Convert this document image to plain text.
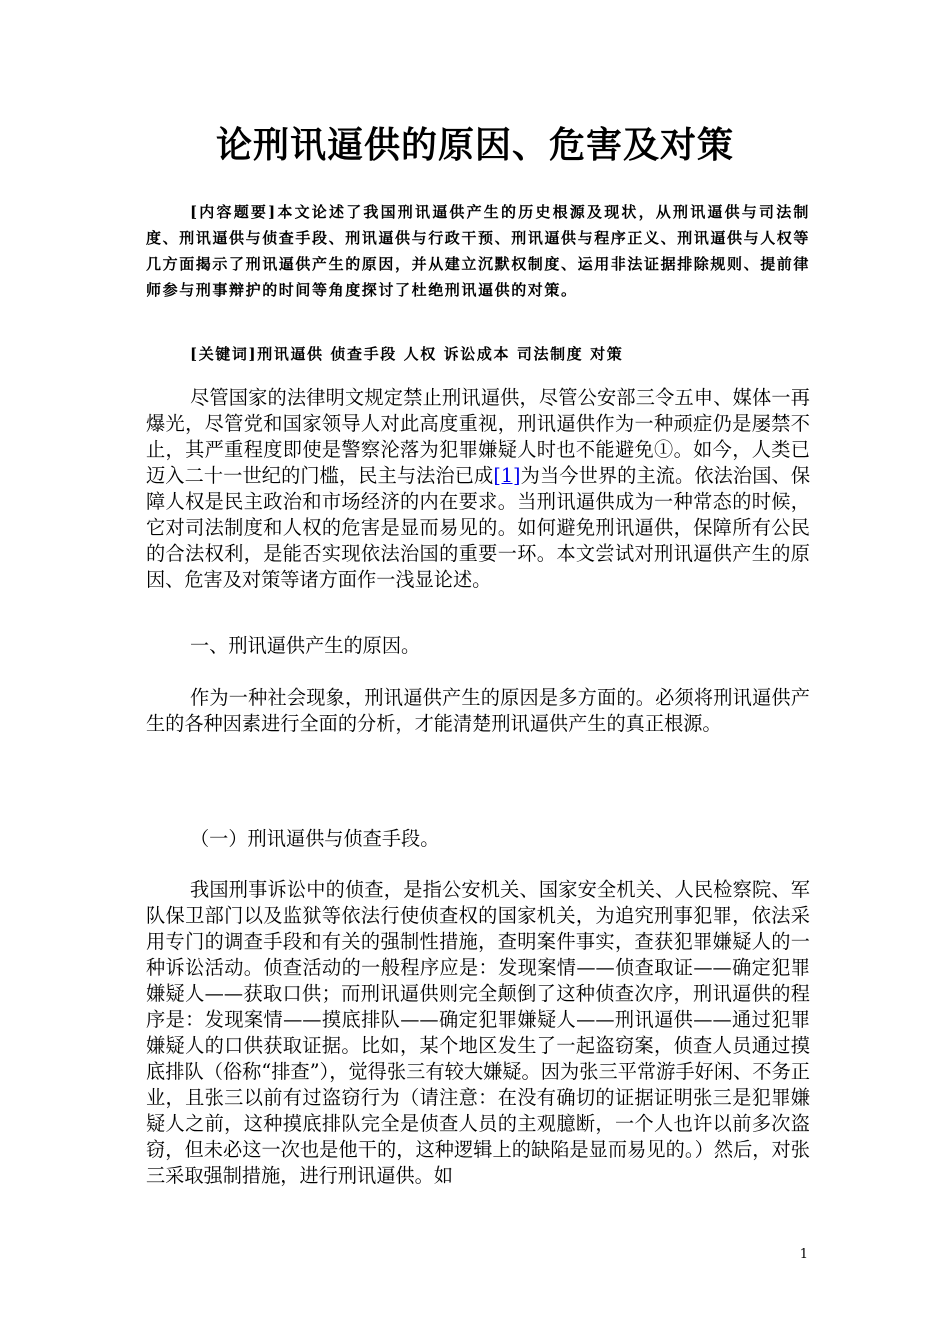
论刑讯逼供的原因、危害及对策
[内容题要]本文论述了我国刑讯逼供产生的历史根源及现状，从刑讯逼供与司法制度、刑讯逼供与侦查手段、刑讯逼供与行政干预、刑讯逼供与程序正义、刑讯逼供与人权等几方面揭示了刑讯逼供产生的原因，并从建立沉默权制度、运用非法证据排除规则、提前律师参与刑事辩护的时间等角度探讨了杜绝刑讯逼供的对策。
[关键词]刑讯逼供 侦查手段 人权 诉讼成本 司法制度 对策
尽管国家的法律明文规定禁止刑讯逼供，尽管公安部三令五申、媒体一再爆光，尽管党和国家领导人对此高度重视，刑讯逼供作为一种顽症仍是屡禁不止，其严重程度即使是警察沦落为犯罪嫌疑人时也不能避免①。如今，人类已迈入二十一世纪的门槛，民主与法治已成[1]为当今世界的主流。依法治国、保障人权是民主政治和市场经济的内在要求。当刑讯逼供成为一种常态的时候，它对司法制度和人权的危害是显而易见的。如何避免刑讯逼供，保障所有公民的合法权利，是能否实现依法治国的重要一环。本文尝试对刑讯逼供产生的原因、危害及对策等诸方面作一浅显论述。
一、刑讯逼供产生的原因。
作为一种社会现象，刑讯逼供产生的原因是多方面的。必须将刑讯逼供产生的各种因素进行全面的分析，才能清楚刑讯逼供产生的真正根源。
（一）刑讯逼供与侦查手段。
我国刑事诉讼中的侦查，是指公安机关、国家安全机关、人民检察院、军队保卫部门以及监狱等依法行使侦查权的国家机关，为追究刑事犯罪，依法采用专门的调查手段和有关的强制性措施，查明案件事实，查获犯罪嫌疑人的一种诉讼活动。侦查活动的一般程序应是：发现案情——侦查取证——确定犯罪嫌疑人——获取口供；而刑讯逼供则完全颠倒了这种侦查次序，刑讯逼供的程序是：发现案情——摸底排队——确定犯罪嫌疑人——刑讯逼供——通过犯罪嫌疑人的口供获取证据。比如，某个地区发生了一起盗窃案，侦查人员通过摸底排队（俗称“排查”），觉得张三有较大嫌疑。因为张三平常游手好闲、不务正业，且张三以前有过盗窃行为（请注意：在没有确切的证据证明张三是犯罪嫌疑人之前，这种摸底排队完全是侦查人员的主观臆断，一个人也许以前多次盗窃，但未必这一次也是他干的，这种逻辑上的缺陷是显而易见的。）然后，对张三采取强制措施，进行刑讯逼供。如
1
